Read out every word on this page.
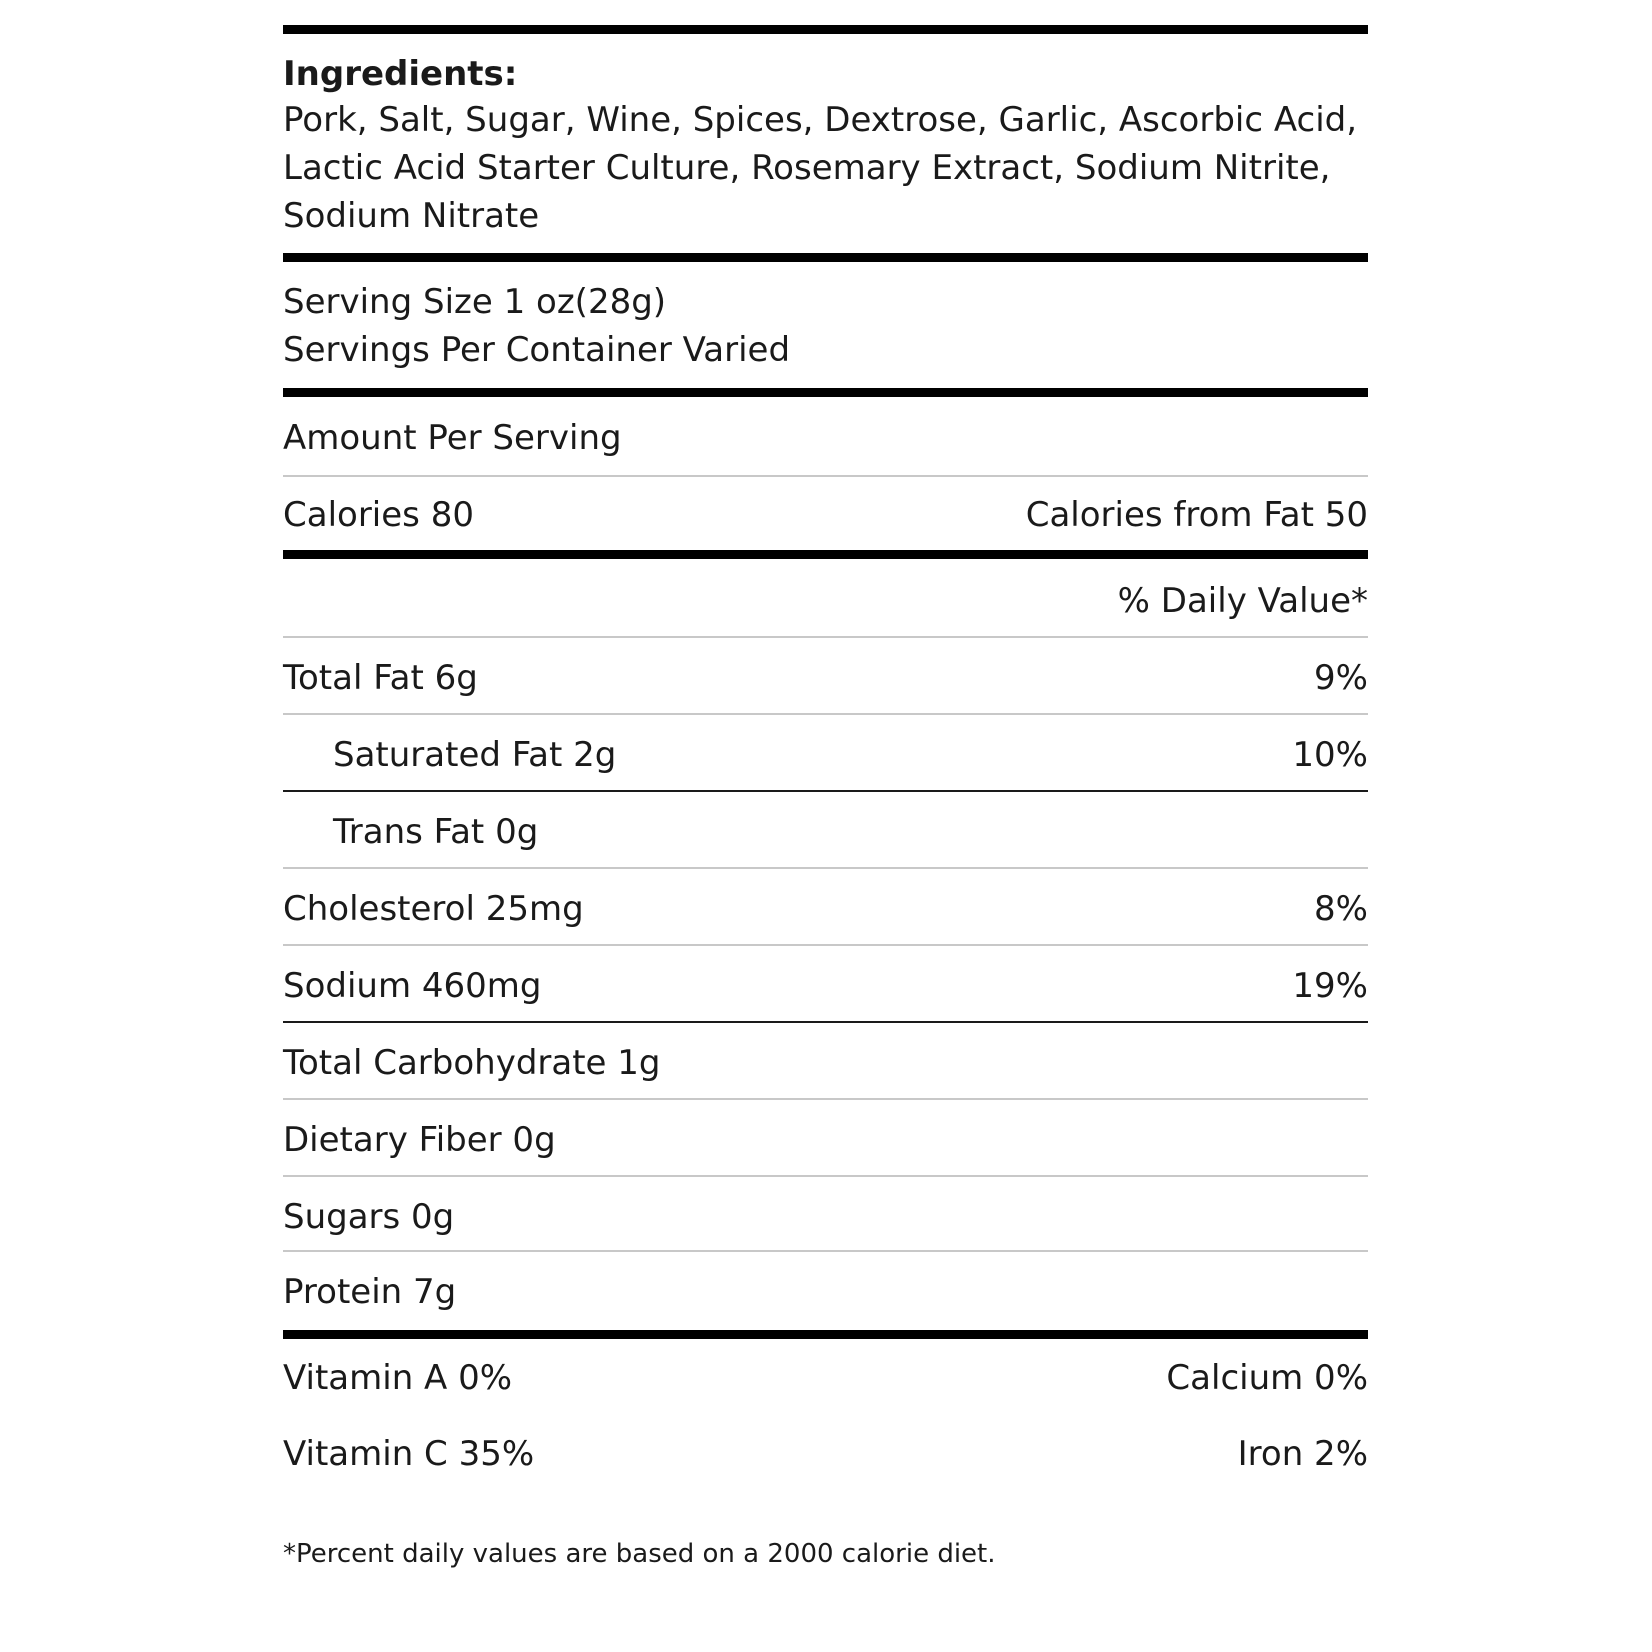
Ingredients:
Pork, Salt, Sugar, Wine, Spices, Dextrose, Garlic, Ascorbic Acid, Lactic Acid Starter Culture, Rosemary Extract, Sodium Nitrite, Sodium Nitrate
Serving Size 1 oz(28g)
Servings Per Container Varied
Amount Per Serving
Calories 80	Calories from Fat 50
% Daily Value*
Total Fat 6g	9%
Saturated Fat 2g	10%
Trans Fat 0g
Cholesterol 25mg	8%
Sodium 460mg	19%
Total Carbohydrate 1g
Dietary Fiber 0g
Sugars 0g
Protein 7g
Vitamin A 0%	Calcium 0%
Vitamin C 35%	Iron 2%
*Percent daily values are based on a 2000 calorie diet.
